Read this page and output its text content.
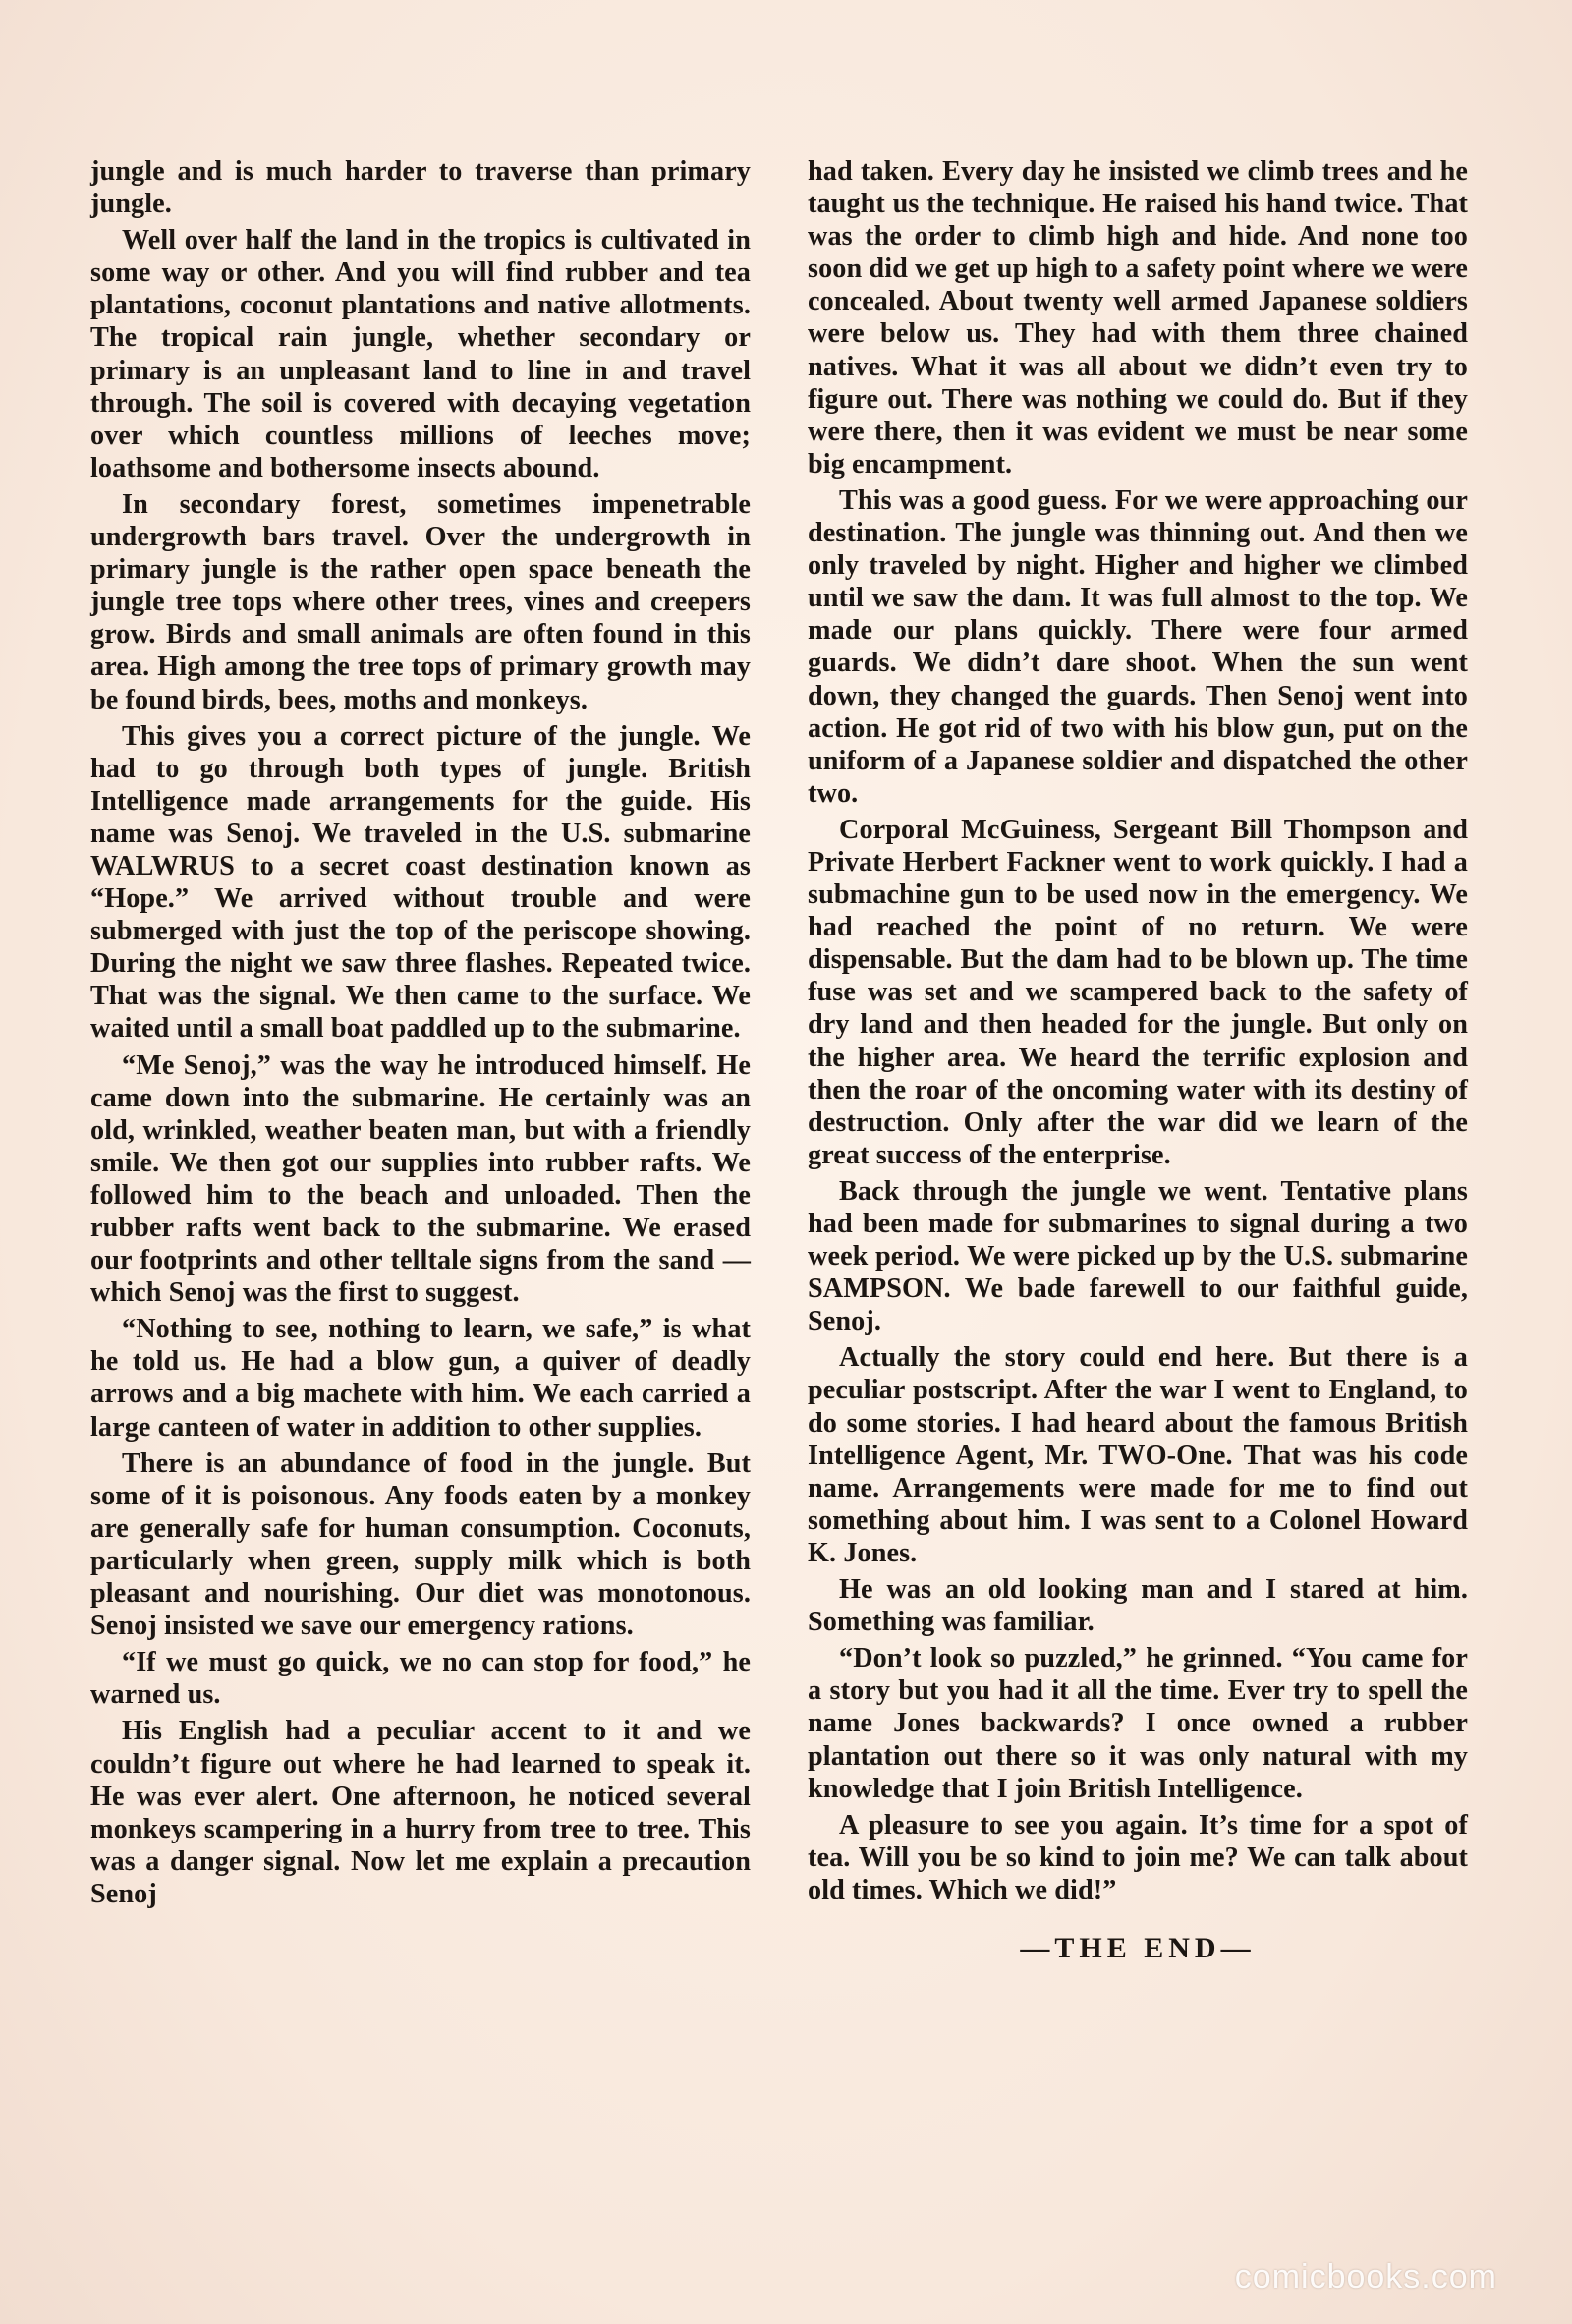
jungle and is much harder to traverse than primary jungle.

Well over half the land in the tropics is cultivated in some way or other. And you will find rubber and tea plantations, coconut plantations and native allotments. The tropical rain jungle, whether secondary or primary is an unpleasant land to line in and travel through. The soil is covered with decaying vegetation over which countless millions of leeches move; loathsome and bothersome insects abound.

In secondary forest, sometimes impenetrable undergrowth bars travel. Over the undergrowth in primary jungle is the rather open space beneath the jungle tree tops where other trees, vines and creepers grow. Birds and small animals are often found in this area. High among the tree tops of primary growth may be found birds, bees, moths and monkeys.

This gives you a correct picture of the jungle. We had to go through both types of jungle. British Intelligence made arrangements for the guide. His name was Senoj. We traveled in the U.S. submarine WALWRUS to a secret coast destination known as “Hope.” We arrived without trouble and were submerged with just the top of the periscope showing. During the night we saw three flashes. Repeated twice. That was the signal. We then came to the surface. We waited until a small boat paddled up to the submarine.

“Me Senoj,” was the way he introduced himself. He came down into the submarine. He certainly was an old, wrinkled, weather beaten man, but with a friendly smile. We then got our supplies into rubber rafts. We followed him to the beach and unloaded. Then the rubber rafts went back to the submarine. We erased our footprints and other telltale signs from the sand — which Senoj was the first to suggest.

“Nothing to see, nothing to learn, we safe,” is what he told us. He had a blow gun, a quiver of deadly arrows and a big machete with him. We each carried a large canteen of water in addition to other supplies.

There is an abundance of food in the jungle. But some of it is poisonous. Any foods eaten by a monkey are generally safe for human consumption. Coconuts, particularly when green, supply milk which is both pleasant and nourishing. Our diet was monotonous. Senoj insisted we save our emergency rations.

“If we must go quick, we no can stop for food,” he warned us.

His English had a peculiar accent to it and we couldn’t figure out where he had learned to speak it. He was ever alert. One afternoon, he noticed several monkeys scampering in a hurry from tree to tree. This was a danger signal. Now let me explain a precaution Senoj

had taken. Every day he insisted we climb trees and he taught us the technique. He raised his hand twice. That was the order to climb high and hide. And none too soon did we get up high to a safety point where we were concealed. About twenty well armed Japanese soldiers were below us. They had with them three chained natives. What it was all about we didn’t even try to figure out. There was nothing we could do. But if they were there, then it was evident we must be near some big encampment.

This was a good guess. For we were approaching our destination. The jungle was thinning out. And then we only traveled by night. Higher and higher we climbed until we saw the dam. It was full almost to the top. We made our plans quickly. There were four armed guards. We didn’t dare shoot. When the sun went down, they changed the guards. Then Senoj went into action. He got rid of two with his blow gun, put on the uniform of a Japanese soldier and dispatched the other two.

Corporal McGuiness, Sergeant Bill Thompson and Private Herbert Fackner went to work quickly. I had a submachine gun to be used now in the emergency. We had reached the point of no return. We were dispensable. But the dam had to be blown up. The time fuse was set and we scampered back to the safety of dry land and then headed for the jungle. But only on the higher area. We heard the terrific explosion and then the roar of the oncoming water with its destiny of destruction. Only after the war did we learn of the great success of the enterprise.

Back through the jungle we went. Tentative plans had been made for submarines to signal during a two week period. We were picked up by the U.S. submarine SAMPSON. We bade farewell to our faithful guide, Senoj.

Actually the story could end here. But there is a peculiar postscript. After the war I went to England, to do some stories. I had heard about the famous British Intelligence Agent, Mr. TWO-One. That was his code name. Arrangements were made for me to find out something about him. I was sent to a Colonel Howard K. Jones.

He was an old looking man and I stared at him. Something was familiar.

“Don’t look so puzzled,” he grinned. “You came for a story but you had it all the time. Ever try to spell the name Jones backwards? I once owned a rubber plantation out there so it was only natural with my knowledge that I join British Intelligence.

A pleasure to see you again. It’s time for a spot of tea. Will you be so kind to join me? We can talk about old times. Which we did!”

—THE END—

comicbooks.com
